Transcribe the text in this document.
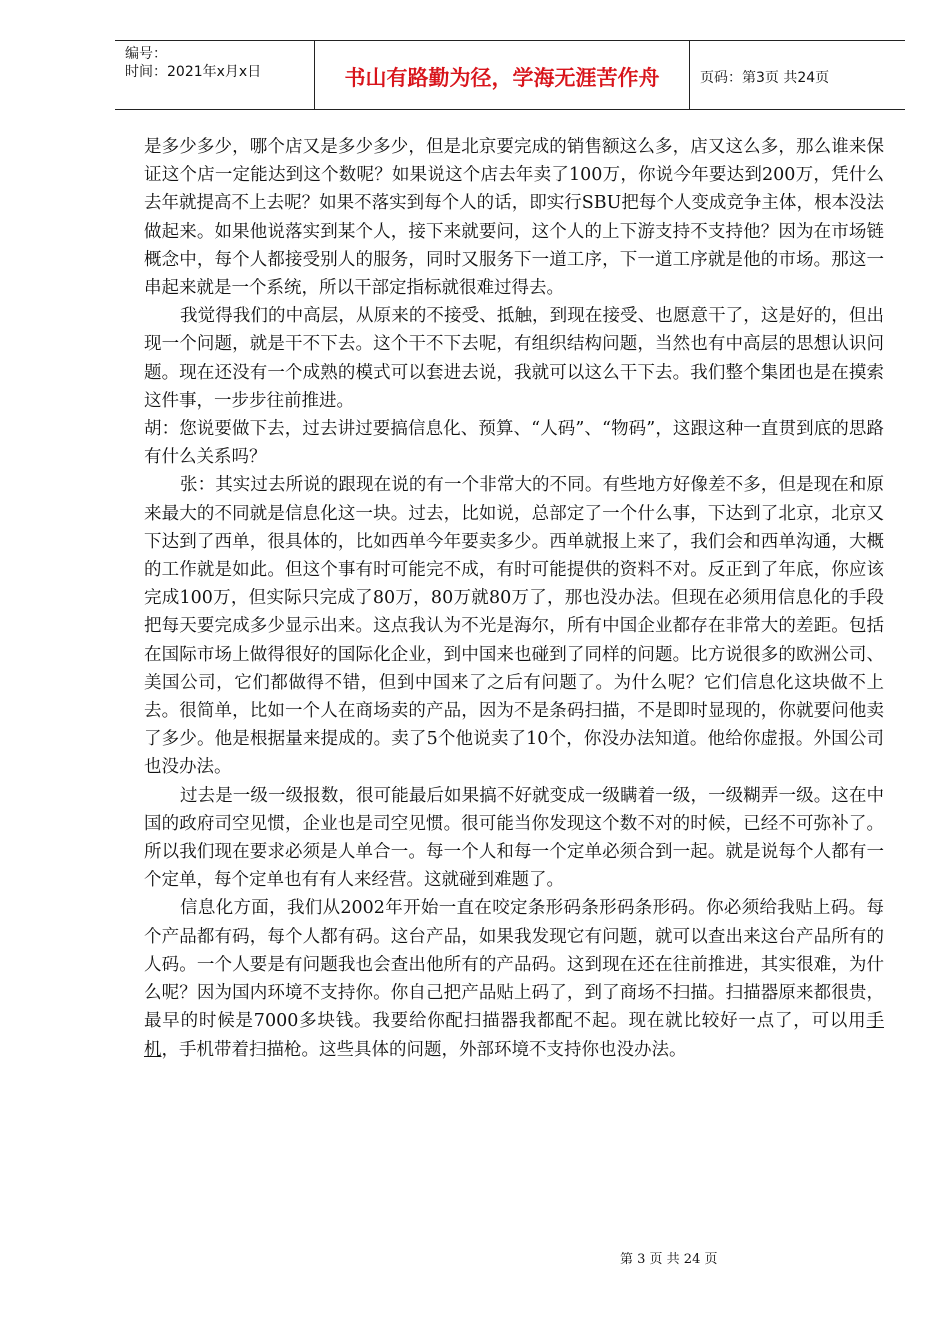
编号：
时间：2021年x月x日	书山有路勤为径，学海无涯苦作舟	页码：第3页 共24页

是多少多少，哪个店又是多少多少，但是北京要完成的销售额这么多，店又这么多，那么谁来保证这个店一定能达到这个数呢？如果说这个店去年卖了100万，你说今年要达到200万，凭什么去年就提高不上去呢？如果不落实到每个人的话，即实行SBU把每个人变成竞争主体，根本没法做起来。如果他说落实到某个人，接下来就要问，这个人的上下游支持不支持他？因为在市场链概念中，每个人都接受别人的服务，同时又服务下一道工序，下一道工序就是他的市场。那这一串起来就是一个系统，所以干部定指标就很难过得去。

我觉得我们的中高层，从原来的不接受、抵触，到现在接受、也愿意干了，这是好的，但出现一个问题，就是干不下去。这个干不下去呢，有组织结构问题，当然也有中高层的思想认识问题。现在还没有一个成熟的模式可以套进去说，我就可以这么干下去。我们整个集团也是在摸索这件事，一步步往前推进。

胡：您说要做下去，过去讲过要搞信息化、预算、“人码”、“物码”，这跟这种一直贯到底的思路有什么关系吗？

张：其实过去所说的跟现在说的有一个非常大的不同。有些地方好像差不多，但是现在和原来最大的不同就是信息化这一块。过去，比如说，总部定了一个什么事，下达到了北京，北京又下达到了西单，很具体的，比如西单今年要卖多少。西单就报上来了，我们会和西单沟通，大概的工作就是如此。但这个事有时可能完不成，有时可能提供的资料不对。反正到了年底，你应该完成100万，但实际只完成了80万，80万就80万了，那也没办法。但现在必须用信息化的手段把每天要完成多少显示出来。这点我认为不光是海尔，所有中国企业都存在非常大的差距。包括在国际市场上做得很好的国际化企业，到中国来也碰到了同样的问题。比方说很多的欧洲公司、美国公司，它们都做得不错，但到中国来了之后有问题了。为什么呢？它们信息化这块做不上去。很简单，比如一个人在商场卖的产品，因为不是条码扫描，不是即时显现的，你就要问他卖了多少。他是根据量来提成的。卖了5个他说卖了10个，你没办法知道。他给你虚报。外国公司也没办法。

过去是一级一级报数，很可能最后如果搞不好就变成一级瞒着一级，一级糊弄一级。这在中国的政府司空见惯，企业也是司空见惯。很可能当你发现这个数不对的时候，已经不可弥补了。所以我们现在要求必须是人单合一。每一个人和每一个定单必须合到一起。就是说每个人都有一个定单，每个定单也有有人来经营。这就碰到难题了。

信息化方面，我们从2002年开始一直在咬定条形码条形码条形码。你必须给我贴上码。每个产品都有码，每个人都有码。这台产品，如果我发现它有问题，就可以查出来这台产品所有的人码。一个人要是有问题我也会查出他所有的产品码。这到现在还在往前推进，其实很难，为什么呢？因为国内环境不支持你。你自己把产品贴上码了，到了商场不扫描。扫描器原来都很贵，最早的时候是7000多块钱。我要给你配扫描器我都配不起。现在就比较好一点了，可以用手机，手机带着扫描枪。这些具体的问题，外部环境不支持你也没办法。

第 3 页 共 24 页
